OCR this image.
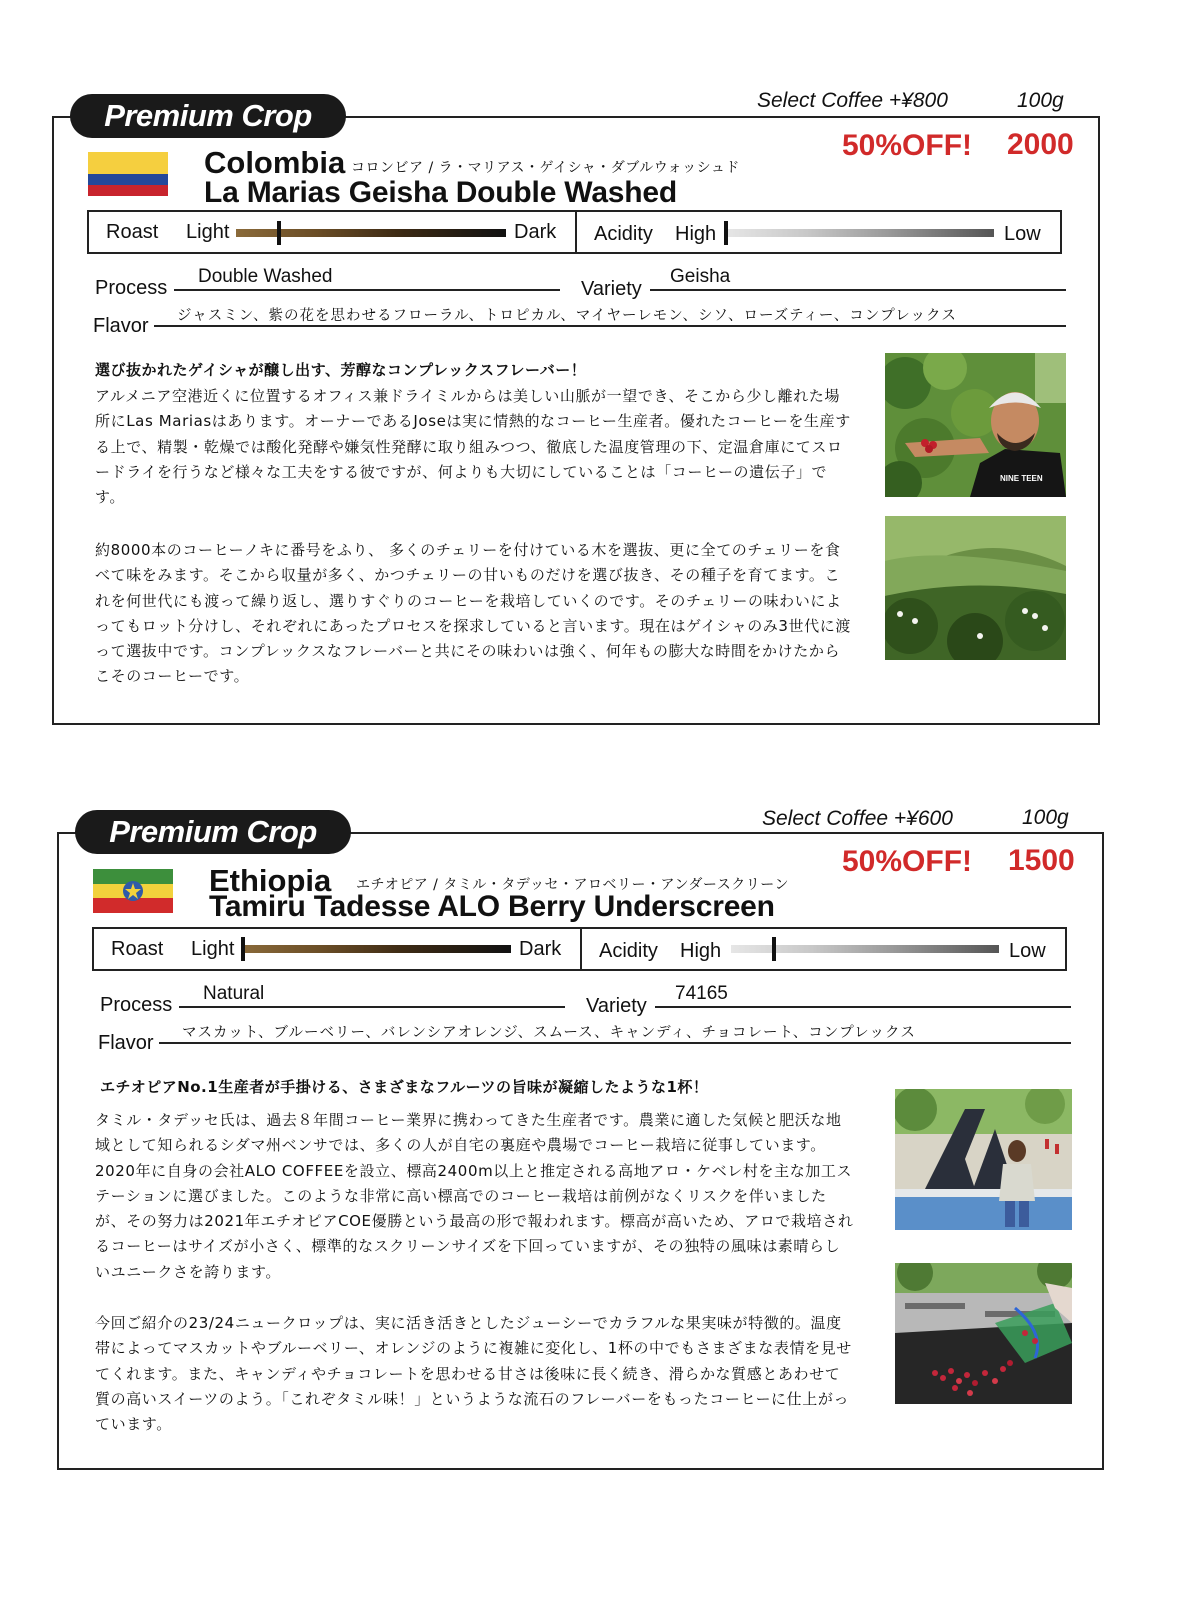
Premium Crop	Select Coffee +¥800	100g
50%OFF! 2000
Colombia コロンビア / ラ・マリアス・ゲイシャ・ダブルウォッシュド
La Marias Geisha Double Washed
Roast Light	Dark Acidity High	Low
Process
Double Washed
Variety
Geisha
Flavor ジャスミン、紫の花を思わせるフローラル、トロピカル、マイヤーレモン、シソ、ローズティー、コンプレックス
選び抜かれたゲイシャが醸し出す、芳醇なコンプレックスフレーバー！
アルメニア空港近くに位置するオフィス兼ドライミルからは美しい山脈が一望でき、そこから少し離れた場所にLas Mariasはあります。オーナーであるJoseは実に情熱的なコーヒー生産者。優れたコーヒーを生産する上で、精製・乾燥では酸化発酵や嫌気性発酵に取り組みつつ、徹底した温度管理の下、定温倉庫にてスロードライを行うなど様々な工夫をする彼ですが、何よりも大切にしていることは「コーヒーの遺伝子」です。
約8000本のコーヒーノキに番号をふり、 多くのチェリーを付けている木を選抜、更に全てのチェリーを食べて味をみます。そこから収量が多く、かつチェリーの甘いものだけを選び抜き、その種子を育てます。これを何世代にも渡って繰り返し、選りすぐりのコーヒーを栽培していくのです。そのチェリーの味わいによってもロット分けし、それぞれにあったプロセスを探求していると言います。現在はゲイシャのみ3世代に渡って選抜中です。コンプレックスなフレーバーと共にその味わいは強く、何年もの膨大な時間をかけたからこそのコーヒーです。
NINE TEEN
Premium Crop	Select Coffee +¥600	100g
50%OFF! 1500
Ethiopia エチオピア / タミル・タデッセ・アロベリー・アンダースクリーン
Tamiru Tadesse ALO Berry Underscreen
Roast Light	Dark Acidity High	Low
Process
Natural
Variety
74165
Flavor マスカット、ブルーベリー、バレンシアオレンジ、スムース、キャンディ、チョコレート、コンプレックス
エチオピアNo.1生産者が手掛ける、さまざまなフルーツの旨味が凝縮したような1杯！
タミル・タデッセ氏は、過去８年間コーヒー業界に携わってきた生産者です。農業に適した気候と肥沃な地域として知られるシダマ州ベンサでは、多くの人が自宅の裏庭や農場でコーヒー栽培に従事しています。2020年に自身の会社ALO COFFEEを設立、標高2400m以上と推定される高地アロ・ケベレ村を主な加工ステーションに選びました。このような非常に高い標高でのコーヒー栽培は前例がなくリスクを伴いましたが、その努力は2021年エチオピアCOE優勝という最高の形で報われます。標高が高いため、アロで栽培されるコーヒーはサイズが小さく、標準的なスクリーンサイズを下回っていますが、その独特の風味は素晴らしいユニークさを誇ります。
今回ご紹介の23/24ニュークロップは、実に活き活きとしたジューシーでカラフルな果実味が特徴的。温度帯によってマスカットやブルーベリー、オレンジのように複雑に変化し、1杯の中でもさまざまな表情を見せてくれます。また、キャンディやチョコレートを思わせる甘さは後味に長く続き、滑らかな質感とあわせて質の高いスイーツのよう。「これぞタミル味！」というような流石のフレーバーをもったコーヒーに仕上がっています。
